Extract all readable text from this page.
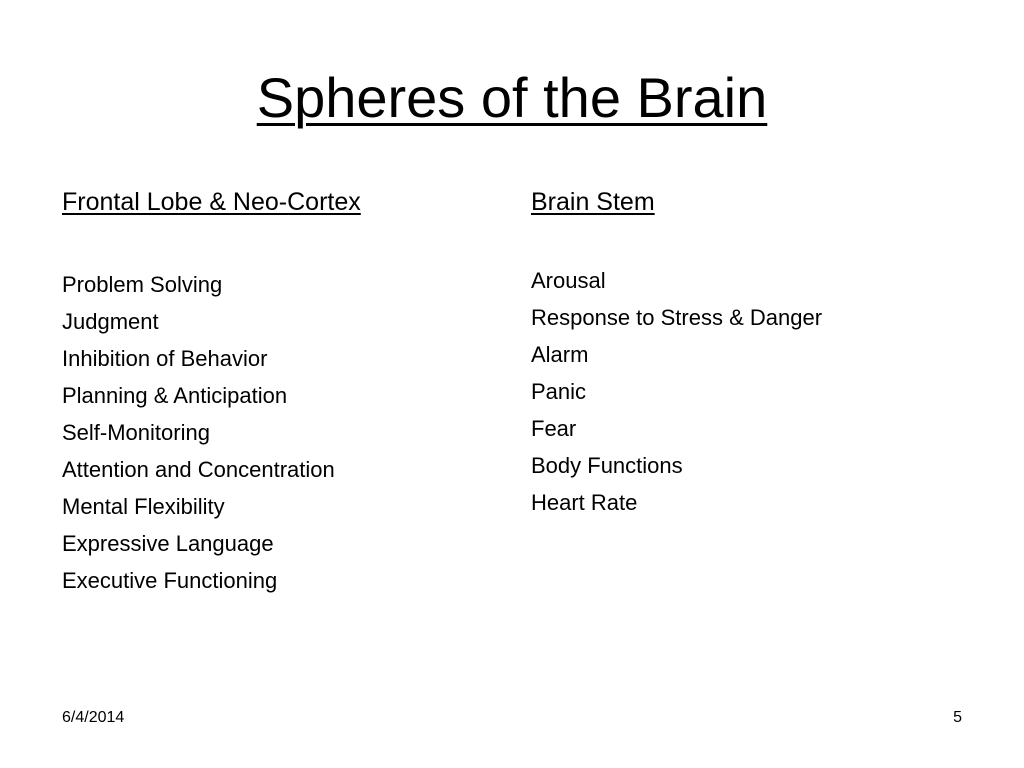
Spheres of the Brain
Frontal Lobe & Neo-Cortex
Problem Solving
Judgment
Inhibition of Behavior
Planning & Anticipation
Self-Monitoring
Attention and Concentration
Mental Flexibility
Expressive Language
Executive Functioning
Brain Stem
Arousal
Response to Stress & Danger
Alarm
Panic
Fear
Body Functions
Heart Rate
6/4/2014	5
